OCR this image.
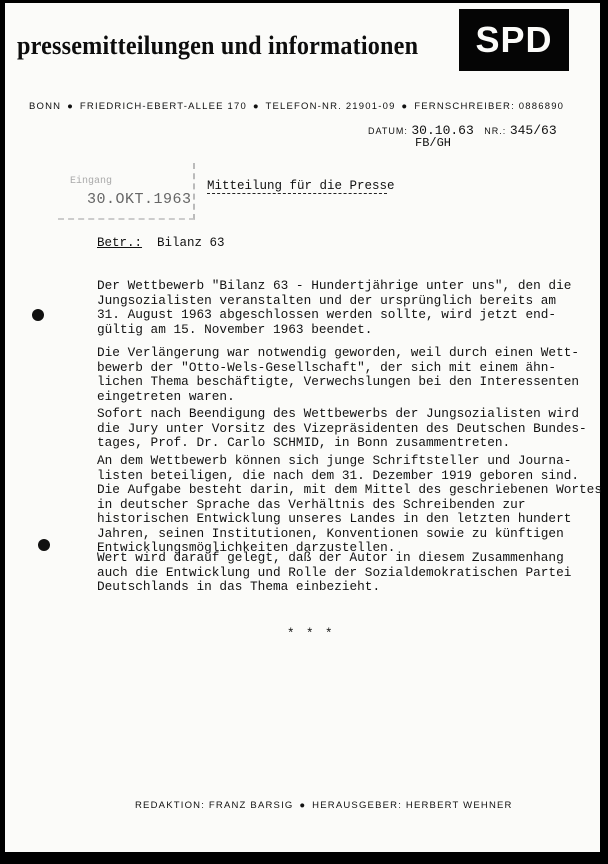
pressemitteilungen und informationen SPD
BONN ● FRIEDRICH-EBERT-ALLEE 170 ● TELEFON-NR. 21901-09 ● FERNSCHREIBER: 0886890
DATUM: 30.10.63 NR.: 345/63
FB/GH
Eingang
30.OKT.1963
Mitteilung für die Presse
Betr.: Bilanz 63
Der Wettbewerb "Bilanz 63 - Hundertjährige unter uns", den die
Jungsozialisten veranstalten und der ursprünglich bereits am
31. August 1963 abgeschlossen werden sollte, wird jetzt end-
gültig am 15. November 1963 beendet.
Die Verlängerung war notwendig geworden, weil durch einen Wett-
bewerb der "Otto-Wels-Gesellschaft", der sich mit einem ähn-
lichen Thema beschäftigte, Verwechslungen bei den Interessenten
eingetreten waren.
Sofort nach Beendigung des Wettbewerbs der Jungsozialisten wird
die Jury unter Vorsitz des Vizepräsidenten des Deutschen Bundes-
tages, Prof. Dr. Carlo SCHMID, in Bonn zusammentreten.
An dem Wettbewerb können sich junge Schriftsteller und Journa-
listen beteiligen, die nach dem 31. Dezember 1919 geboren sind.
Die Aufgabe besteht darin, mit dem Mittel des geschriebenen Wortes
in deutscher Sprache das Verhältnis des Schreibenden zur
historischen Entwicklung unseres Landes in den letzten hundert
Jahren, seinen Institutionen, Konventionen sowie zu künftigen
Entwicklungsmöglichkeiten darzustellen.
Wert wird darauf gelegt, daß der Autor in diesem Zusammenhang
auch die Entwicklung und Rolle der Sozialdemokratischen Partei
Deutschlands in das Thema einbezieht.
* * *
REDAKTION: FRANZ BARSIG ● HERAUSGEBER: HERBERT WEHNER
